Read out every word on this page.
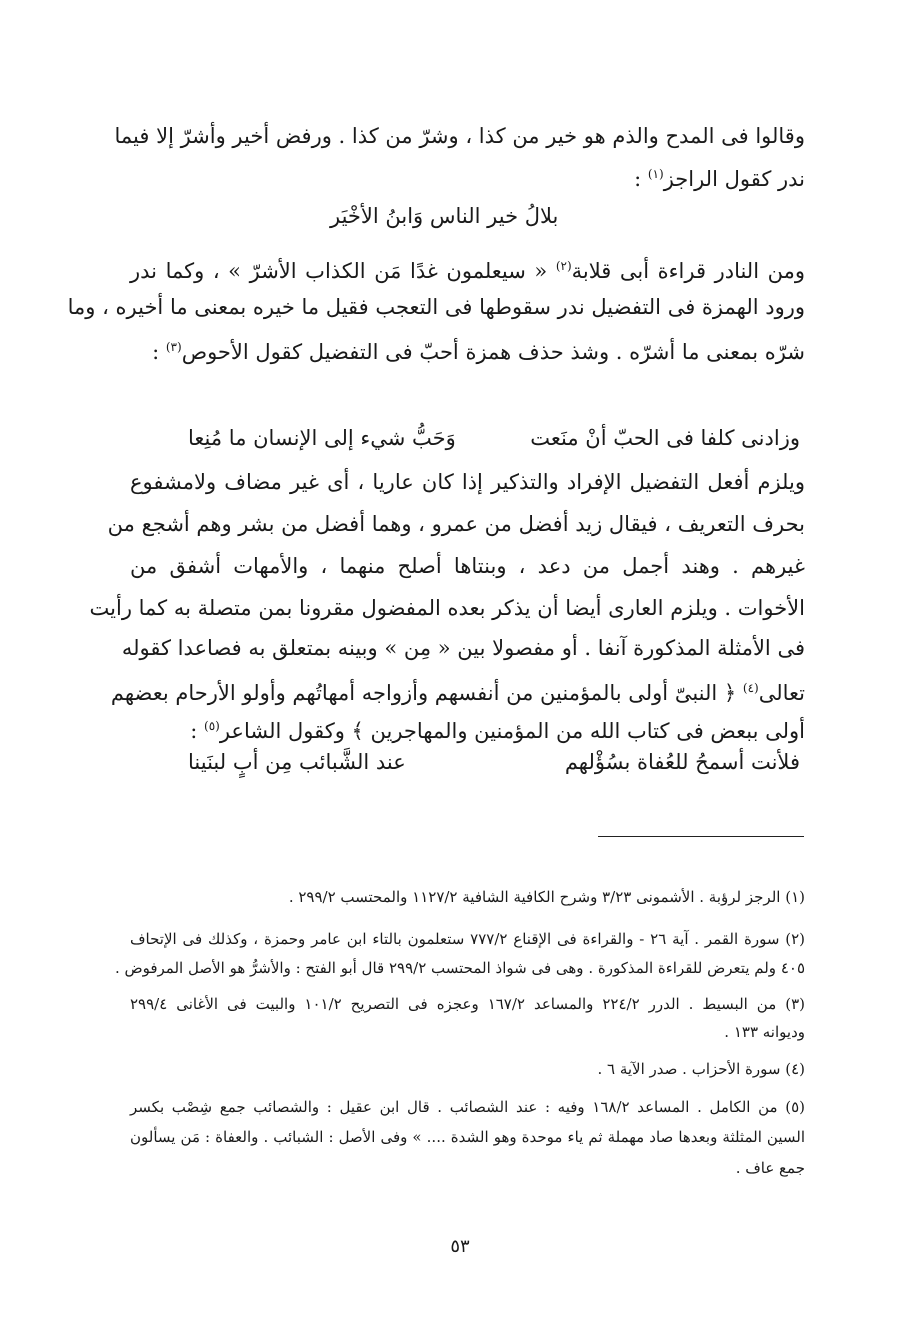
وقالوا فى المدح والذم هو خير من كذا ، وشرّ من كذا . ورفض أخير وأشرّ إلا فيما
ندر كقول الراجز$^{(١)}$ :
بلالُ خير الناس وَابنُ الأخْيَر
ومن النادر قراءة أبى قلابة$^{(٢)}$ « سيعلمون غدًا مَن الكذاب الأشرّ » ، وكما ندر
ورود الهمزة فى التفضيل ندر سقوطها فى التعجب فقيل ما خيره بمعنى ما أخيره ، وما
شرّه بمعنى ما أشرّه . وشذ حذف همزة أحبّ فى التفضيل كقول الأحوص$^{(٣)}$ :
وزادنى كلفا فى الحبّ أنْ منَعت
وَحَبُّ شيء إلى الإنسان ما مُنِعا
ويلزم أفعل التفضيل الإفراد والتذكير إذا كان عاريا ، أى غير مضاف ولامشفوع
بحرف التعريف ، فيقال زيد أفضل من عمرو ، وهما أفضل من بشر وهم أشجع من
غيرهم . وهند أجمل من دعد ، وبنتاها أصلح منهما ، والأمهات أشفق من
الأخوات . ويلزم العارى أيضا أن يذكر بعده المفضول مقرونا بمن متصلة به كما رأيت
فى الأمثلة المذكورة آنفا . أو مفصولا بين « مِن » وبينه بمتعلق به فصاعدا كقوله
تعالى$^{(٤)}$ ﴿ النبىّ أولى بالمؤمنين من أنفسهم وأزواجه أمهاتُهم وأولو الأرحام بعضهم
أولى ببعض فى كتاب الله من المؤمنين والمهاجرين ﴾ وكقول الشاعر$^{(٥)}$ :
فلأنت أسمحُ للعُفاة بسُؤْلهم
عند الشَّبائب مِن أبٍ لبنَينا
(١) الرجز لرؤبة . الأشمونى ٣/٢٣ وشرح الكافية الشافية ١١٢٧/٢ والمحتسب ٢٩٩/٢ .
(٢) سورة القمر . آية ٢٦ - والقراءة فى الإقناع ٧٧٧/٢ ستعلمون بالتاء ابن عامر وحمزة ، وكذلك فى الإتحاف
٤٠٥ ولم يتعرض للقراءة المذكورة . وهى فى شواذ المحتسب ٢٩٩/٢ قال أبو الفتح : والأشرُّ هو الأصل المرفوض .
(٣) من البسيط . الدرر ٢٢٤/٢ والمساعد ١٦٧/٢ وعجزه فى التصريح ١٠١/٢ والبيت فى الأغانى ٢٩٩/٤
وديوانه ١٣٣ .
(٤) سورة الأحزاب . صدر الآية ٦ .
(٥) من الكامل . المساعد ١٦٨/٢ وفيه : عند الشصائب . قال ابن عقيل : والشصائب جمع شِصْب بكسر
السين المثلثة وبعدها صاد مهملة ثم ياء موحدة وهو الشدة .... » وفى الأصل : الشبائب . والعفاة : مَن يسألون
جمع عاف .
٥٣
